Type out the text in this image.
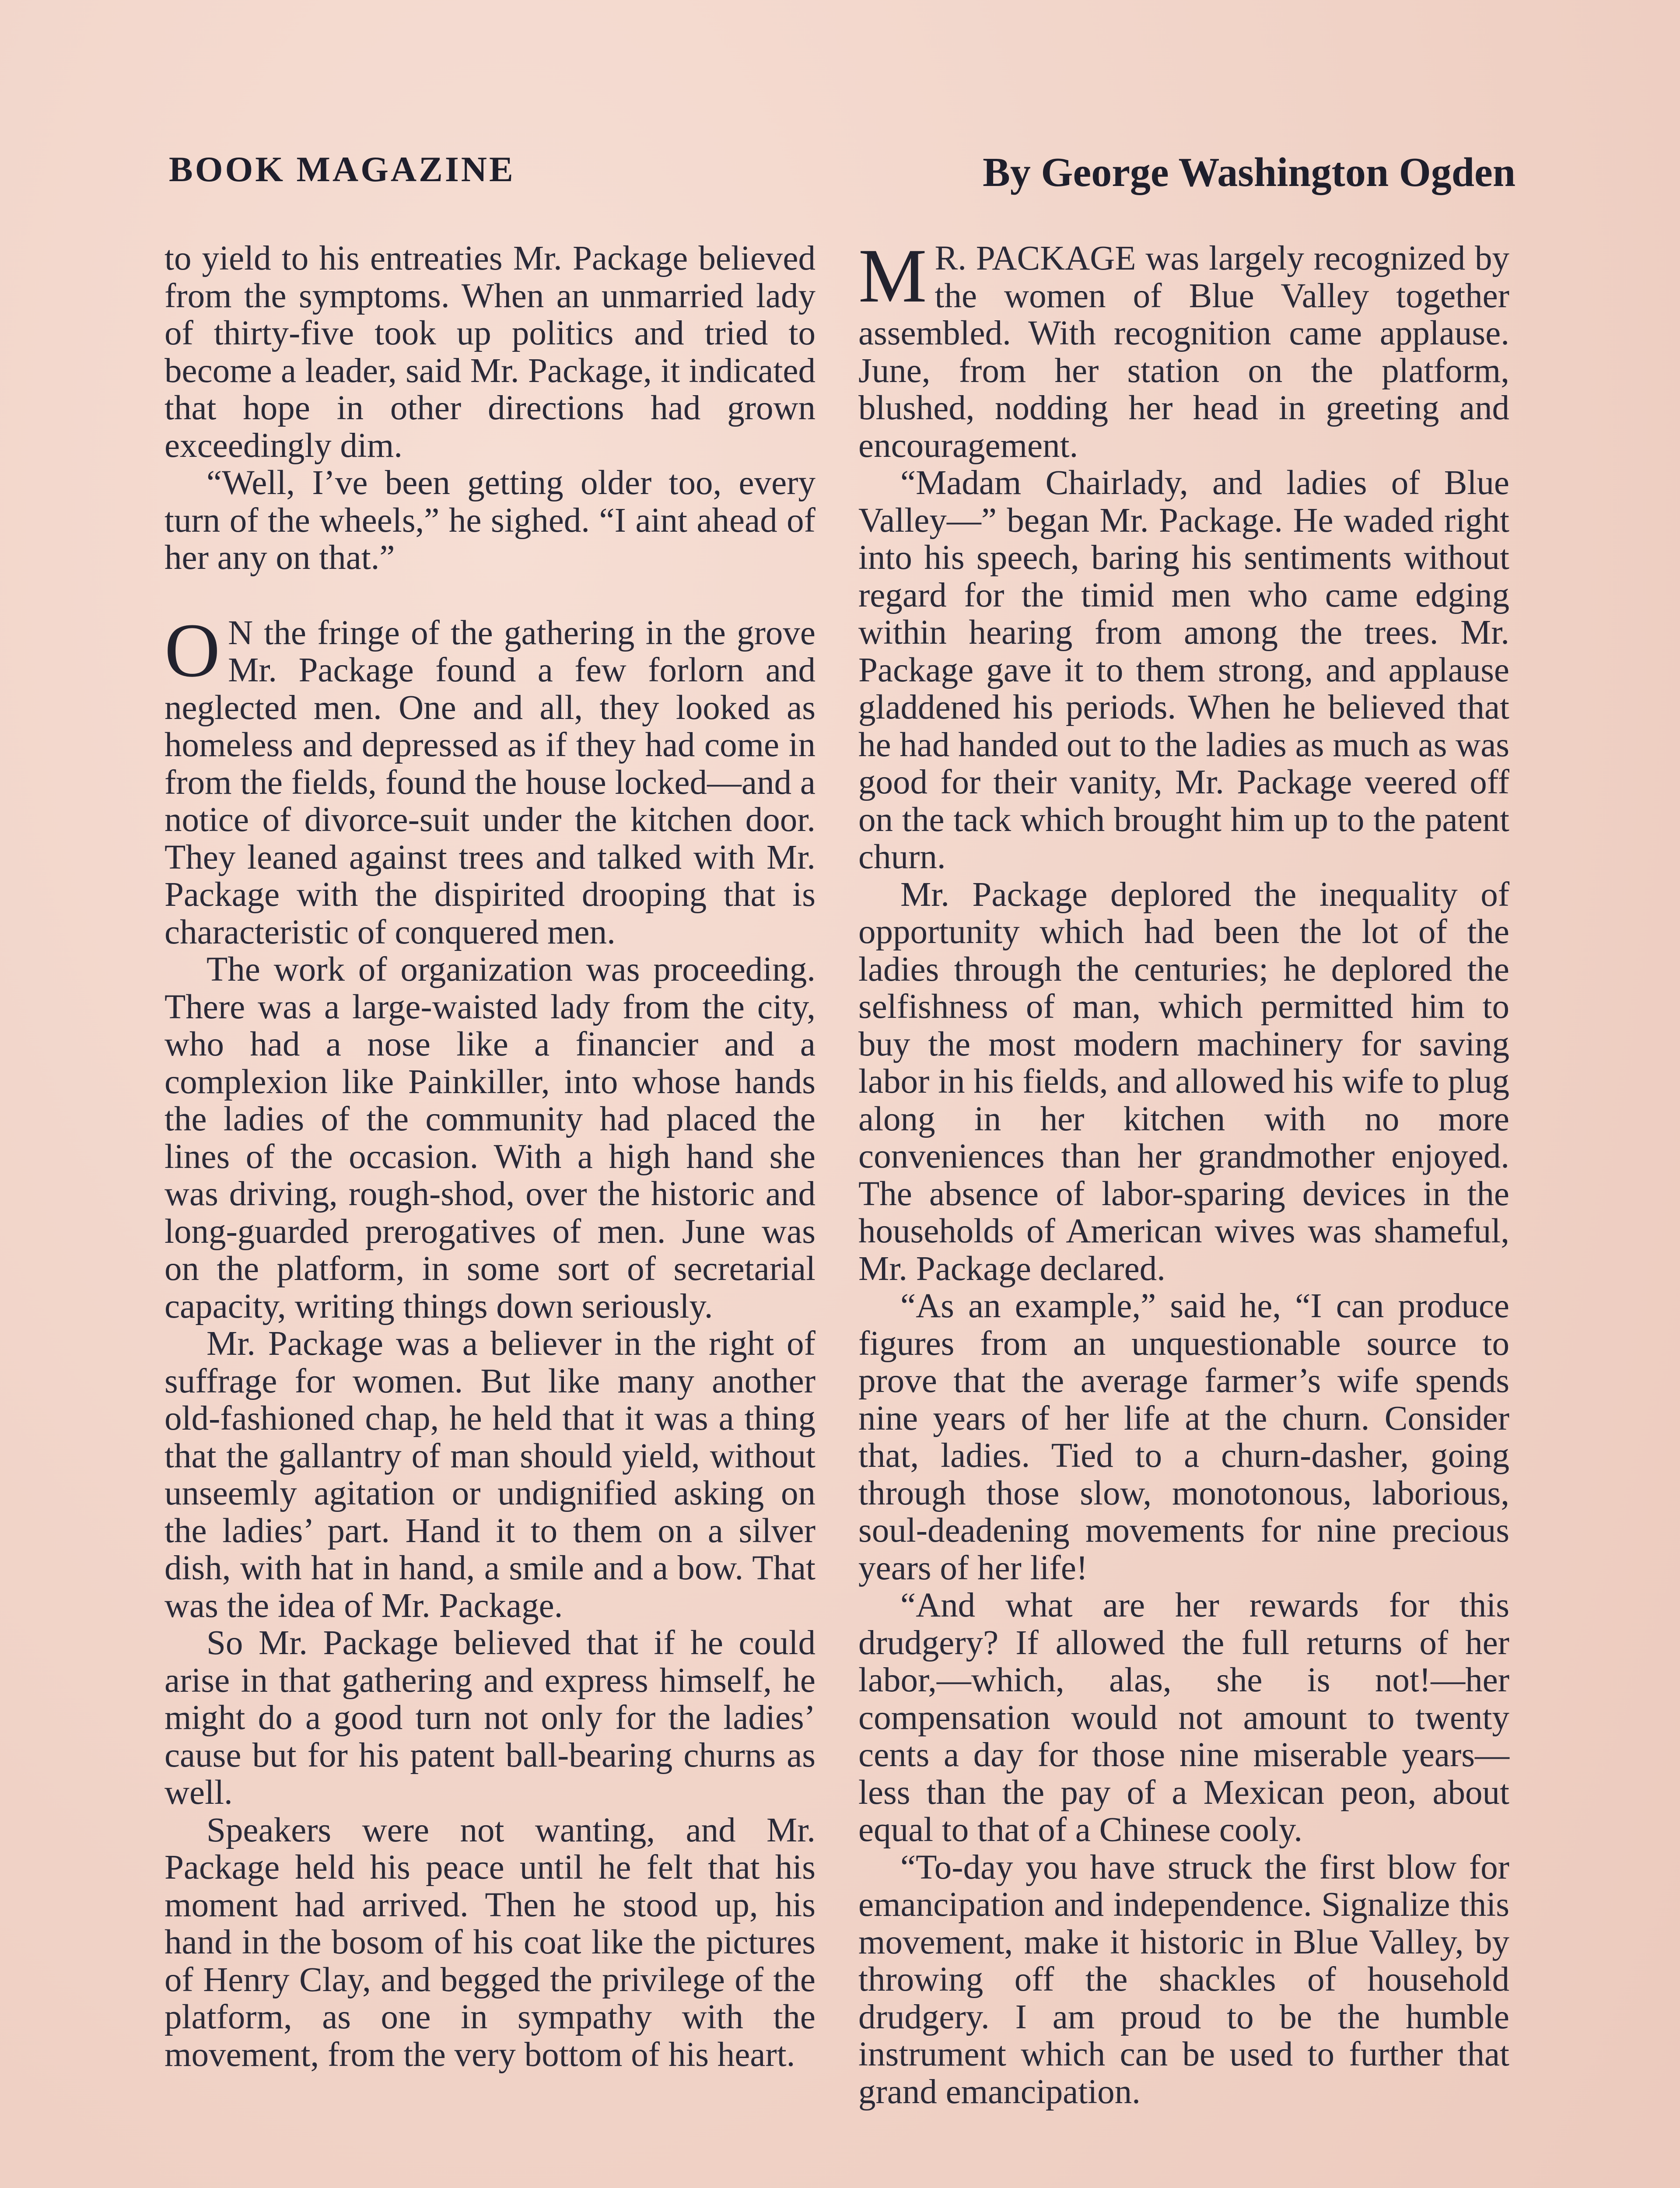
BOOK MAGAZINE	By George Washington Ogden

to yield to his entreaties Mr. Package believed from the symptoms. When an unmarried lady of thirty-five took up politics and tried to become a leader, said Mr. Package, it indicated that hope in other directions had grown exceedingly dim.

“Well, I’ve been getting older too, every turn of the wheels,” he sighed. “I aint ahead of her any on that.”

O N the fringe of the gathering in the grove Mr. Package found a few forlorn and neglected men. One and all, they looked as homeless and depressed as if they had come in from the fields, found the house locked—and a notice of divorce-suit under the kitchen door. They leaned against trees and talked with Mr. Package with the dispirited drooping that is characteristic of conquered men.

The work of organization was proceeding. There was a large-waisted lady from the city, who had a nose like a financier and a complexion like Painkiller, into whose hands the ladies of the community had placed the lines of the occasion. With a high hand she was driving, rough-shod, over the historic and long-guarded prerogatives of men. June was on the platform, in some sort of secretarial capacity, writing things down seriously.

Mr. Package was a believer in the right of suffrage for women. But like many another old-fashioned chap, he held that it was a thing that the gallantry of man should yield, without unseemly agitation or undignified asking on the ladies’ part. Hand it to them on a silver dish, with hat in hand, a smile and a bow. That was the idea of Mr. Package.

So Mr. Package believed that if he could arise in that gathering and express himself, he might do a good turn not only for the ladies’ cause but for his patent ball-bearing churns as well.

Speakers were not wanting, and Mr. Package held his peace until he felt that his moment had arrived. Then he stood up, his hand in the bosom of his coat like the pictures of Henry Clay, and begged the privilege of the platform, as one in sympathy with the movement, from the very bottom of his heart.

M R. PACKAGE was largely recognized by the women of Blue Valley together assembled. With recognition came applause. June, from her station on the platform, blushed, nodding her head in greeting and encouragement.

“Madam Chairlady, and ladies of Blue Valley—” began Mr. Package. He waded right into his speech, baring his sentiments without regard for the timid men who came edging within hearing from among the trees. Mr. Package gave it to them strong, and applause gladdened his periods. When he believed that he had handed out to the ladies as much as was good for their vanity, Mr. Package veered off on the tack which brought him up to the patent churn.

Mr. Package deplored the inequality of opportunity which had been the lot of the ladies through the centuries; he deplored the selfishness of man, which permitted him to buy the most modern machinery for saving labor in his fields, and allowed his wife to plug along in her kitchen with no more conveniences than her grandmother enjoyed. The absence of labor-sparing devices in the households of American wives was shameful, Mr. Package declared.

“As an example,” said he, “I can produce figures from an unquestionable source to prove that the average farmer’s wife spends nine years of her life at the churn. Consider that, ladies. Tied to a churn-dasher, going through those slow, monotonous, laborious, soul-deadening movements for nine precious years of her life!

“And what are her rewards for this drudgery? If allowed the full returns of her labor,—which, alas, she is not!—her compensation would not amount to twenty cents a day for those nine miserable years—less than the pay of a Mexican peon, about equal to that of a Chinese cooly.

“To-day you have struck the first blow for emancipation and independence. Signalize this movement, make it historic in Blue Valley, by throwing off the shackles of household drudgery. I am proud to be the humble instrument which can be used to further that grand emancipation.
